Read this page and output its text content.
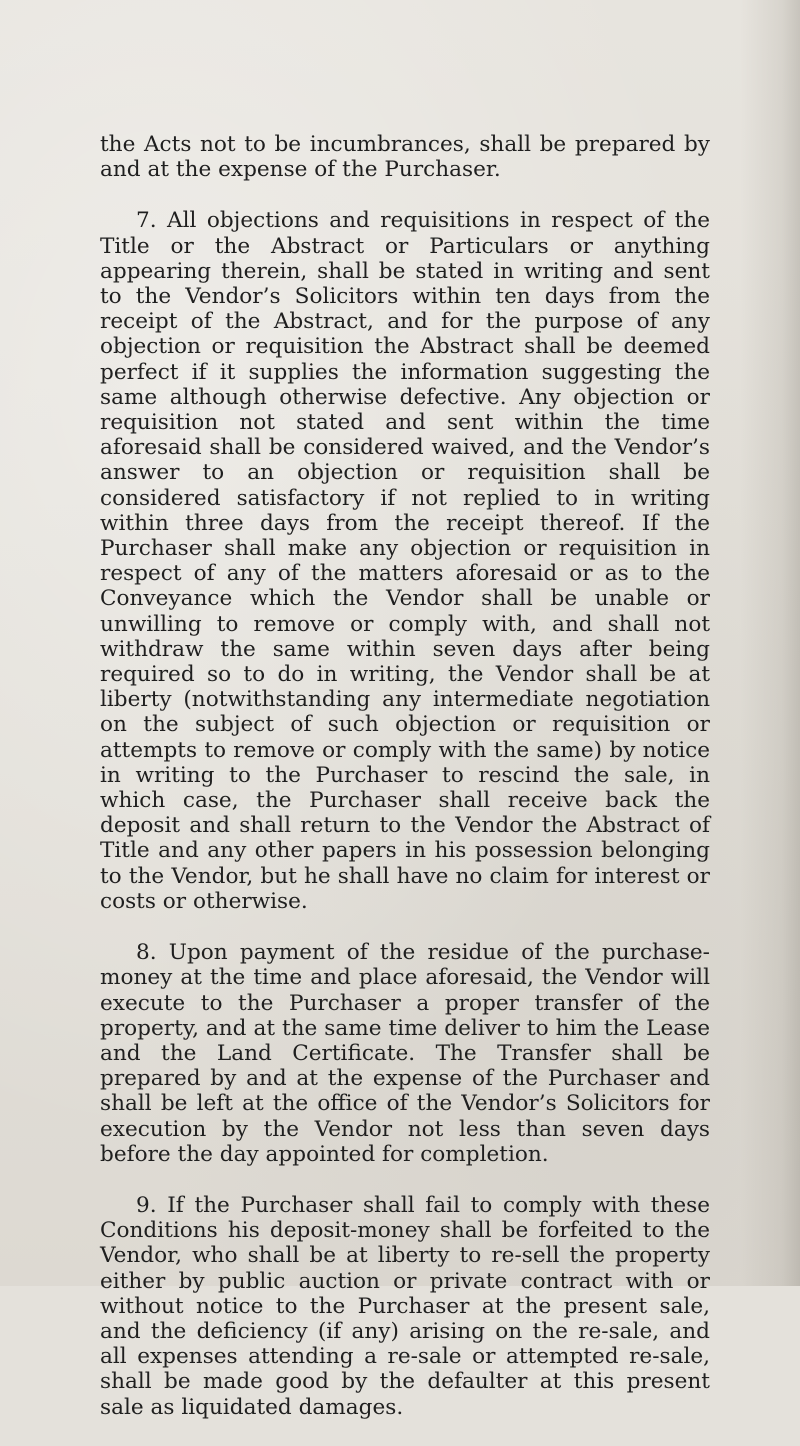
the Acts not to be incumbrances, shall be prepared by and at the expense of the Purchaser.

7. All objections and requisitions in respect of the Title or the Abstract or Particulars or anything appearing therein, shall be stated in writing and sent to the Vendor’s Solicitors within ten days from the receipt of the Abstract, and for the purpose of any objection or requisition the Abstract shall be deemed perfect if it supplies the information suggesting the same although otherwise defective. Any objection or requisition not stated and sent within the time aforesaid shall be considered waived, and the Vendor’s answer to an objection or requisition shall be considered satisfactory if not replied to in writing within three days from the receipt thereof. If the Purchaser shall make any objection or requisition in respect of any of the matters aforesaid or as to the Conveyance which the Vendor shall be unable or unwilling to remove or comply with, and shall not withdraw the same within seven days after being required so to do in writing, the Vendor shall be at liberty (notwithstanding any intermediate negotiation on the subject of such objection or requisition or attempts to remove or comply with the same) by notice in writing to the Purchaser to rescind the sale, in which case, the Purchaser shall receive back the deposit and shall return to the Vendor the Abstract of Title and any other papers in his possession belonging to the Vendor, but he shall have no claim for interest or costs or otherwise.

8. Upon payment of the residue of the purchase-money at the time and place aforesaid, the Vendor will execute to the Purchaser a proper transfer of the property, and at the same time deliver to him the Lease and the Land Certificate. The Transfer shall be prepared by and at the expense of the Purchaser and shall be left at the office of the Vendor’s Solicitors for execution by the Vendor not less than seven days before the day appointed for completion.

9. If the Purchaser shall fail to comply with these Conditions his deposit-money shall be forfeited to the Vendor, who shall be at liberty to re-sell the property either by public auction or private contract with or without notice to the Purchaser at the present sale, and the deficiency (if any) arising on the re-sale, and all expenses attending a re-sale or attempted re-sale, shall be made good by the defaulter at this present sale as liquidated damages.
